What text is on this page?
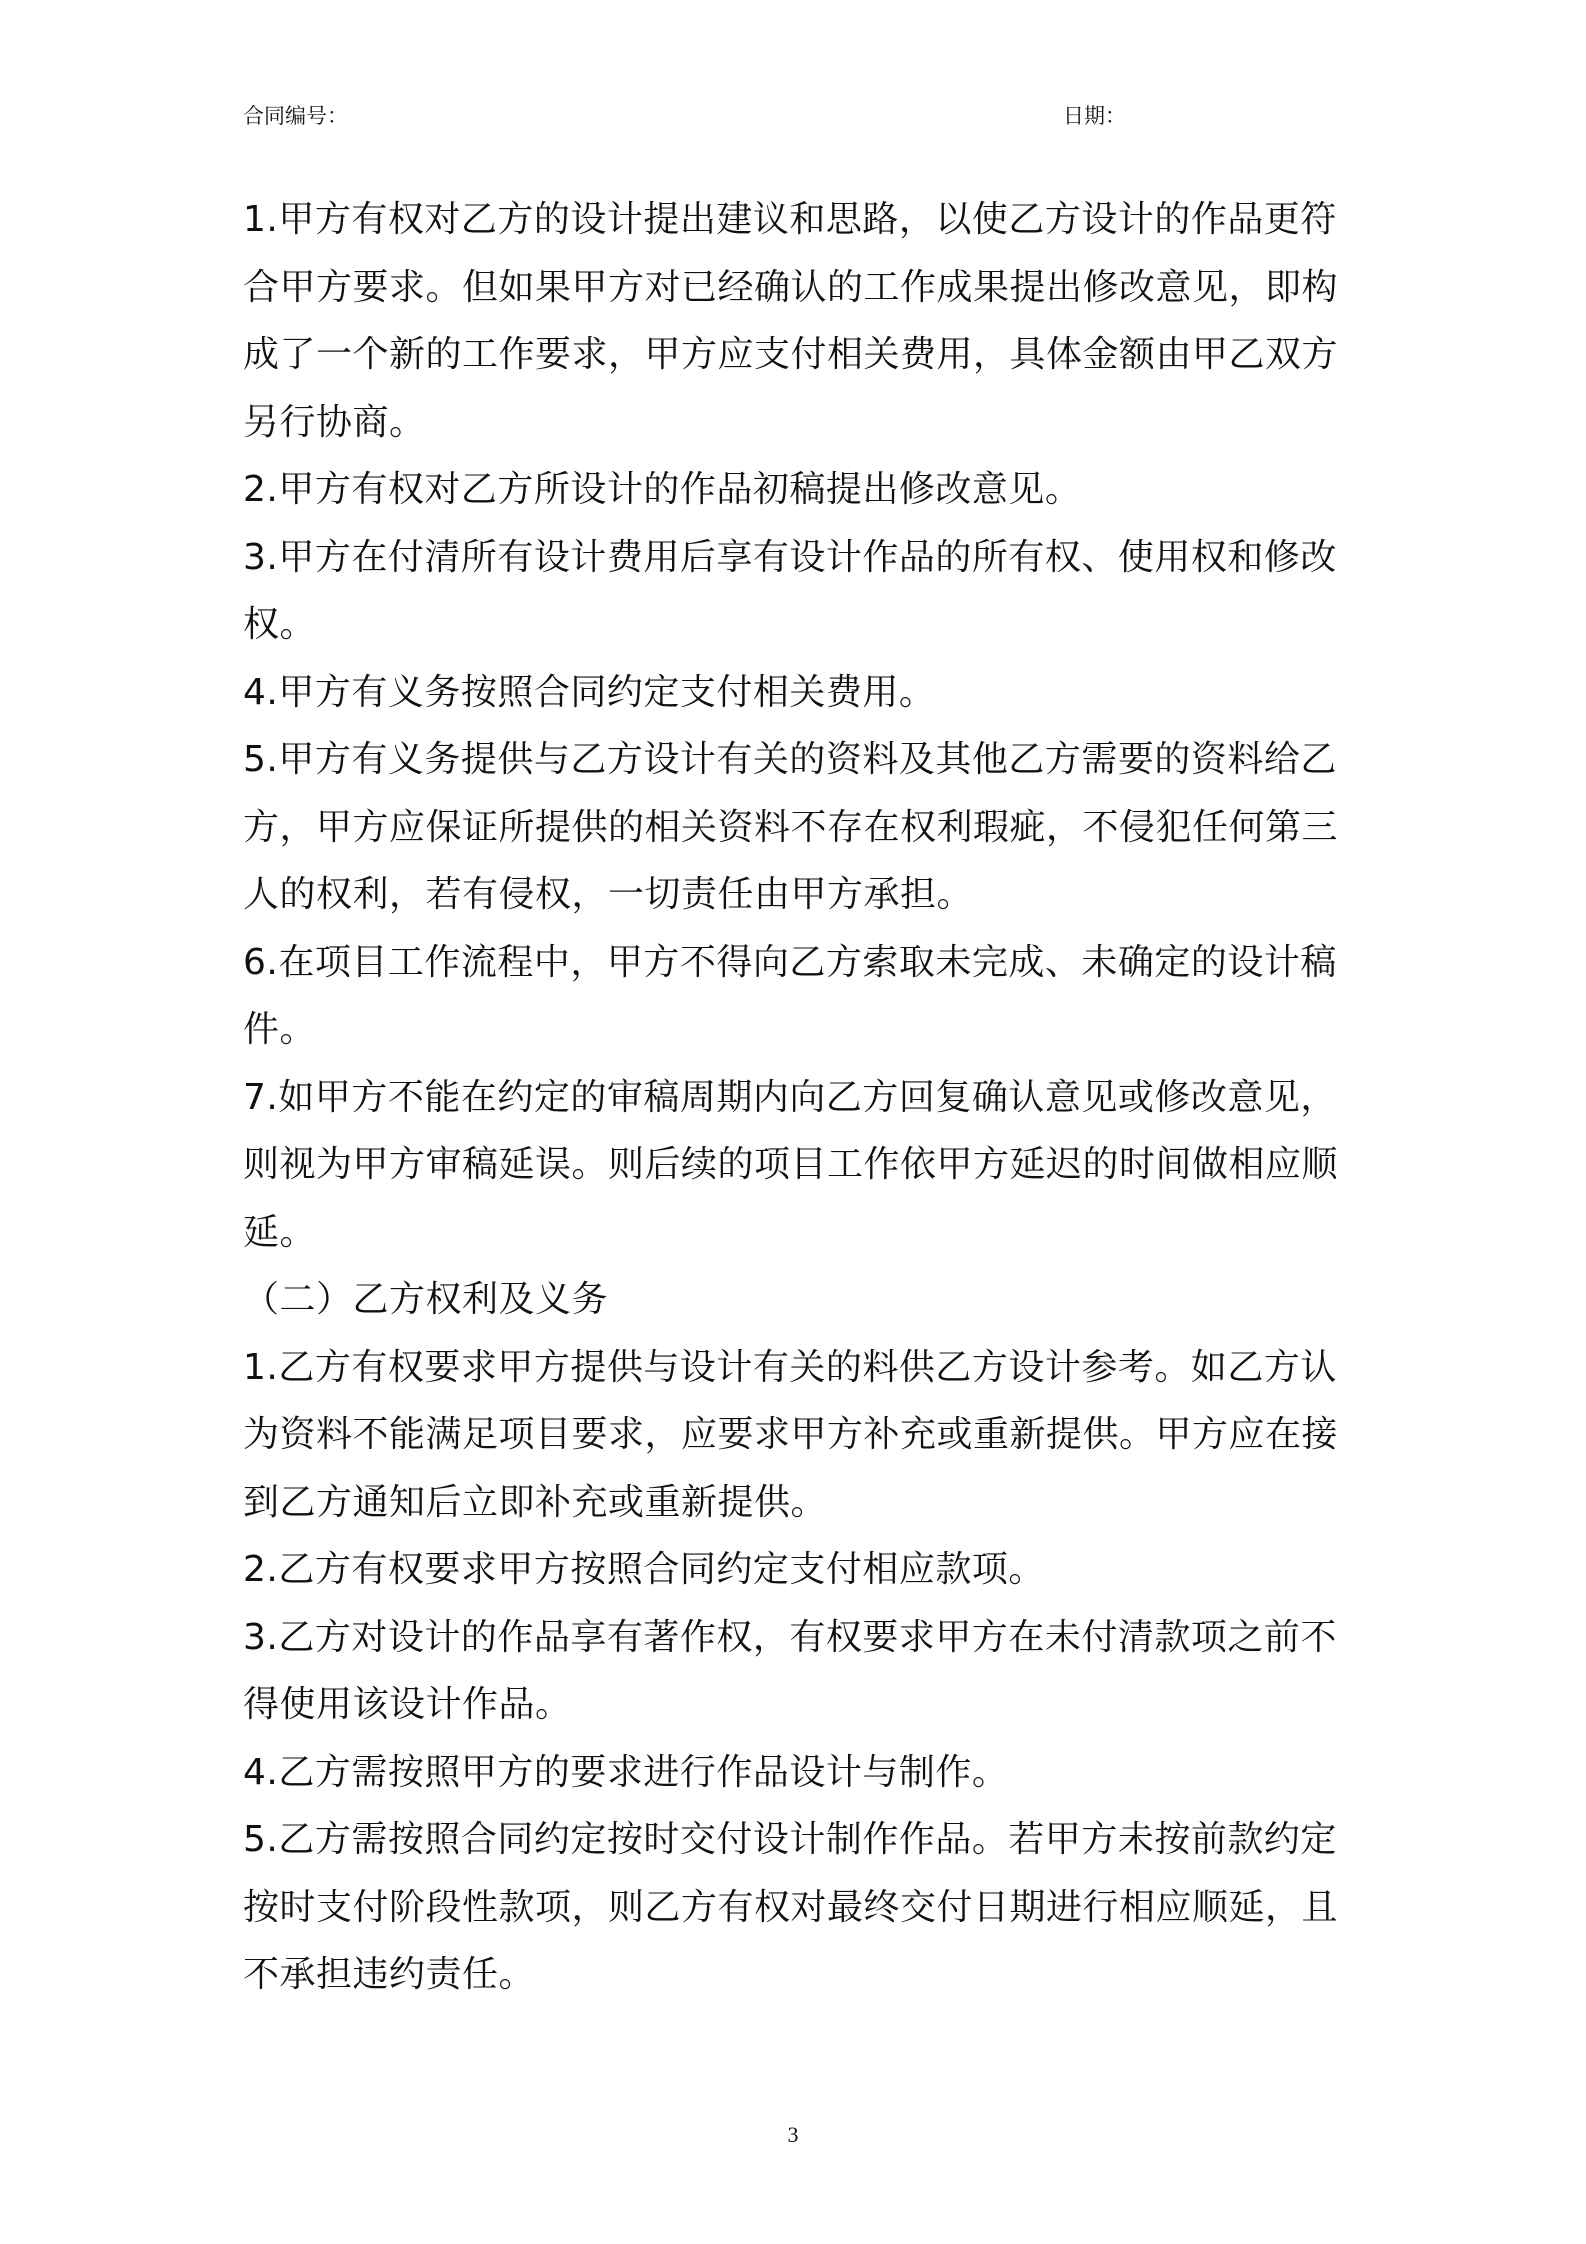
合同编号：	日期：

1.甲方有权对乙方的设计提出建议和思路，以使乙方设计的作品更符合甲方要求。但如果甲方对已经确认的工作成果提出修改意见，即构成了一个新的工作要求，甲方应支付相关费用，具体金额由甲乙双方另行协商。

2.甲方有权对乙方所设计的作品初稿提出修改意见。

3.甲方在付清所有设计费用后享有设计作品的所有权、使用权和修改权。

4.甲方有义务按照合同约定支付相关费用。

5.甲方有义务提供与乙方设计有关的资料及其他乙方需要的资料给乙方，甲方应保证所提供的相关资料不存在权利瑕疵，不侵犯任何第三人的权利，若有侵权，一切责任由甲方承担。

6.在项目工作流程中，甲方不得向乙方索取未完成、未确定的设计稿件。

7.如甲方不能在约定的审稿周期内向乙方回复确认意见或修改意见，则视为甲方审稿延误。则后续的项目工作依甲方延迟的时间做相应顺延。

（二）乙方权利及义务

1.乙方有权要求甲方提供与设计有关的料供乙方设计参考。如乙方认为资料不能满足项目要求，应要求甲方补充或重新提供。甲方应在接到乙方通知后立即补充或重新提供。

2.乙方有权要求甲方按照合同约定支付相应款项。

3.乙方对设计的作品享有著作权，有权要求甲方在未付清款项之前不得使用该设计作品。

4.乙方需按照甲方的要求进行作品设计与制作。

5.乙方需按照合同约定按时交付设计制作作品。若甲方未按前款约定按时支付阶段性款项，则乙方有权对最终交付日期进行相应顺延，且不承担违约责任。

3
